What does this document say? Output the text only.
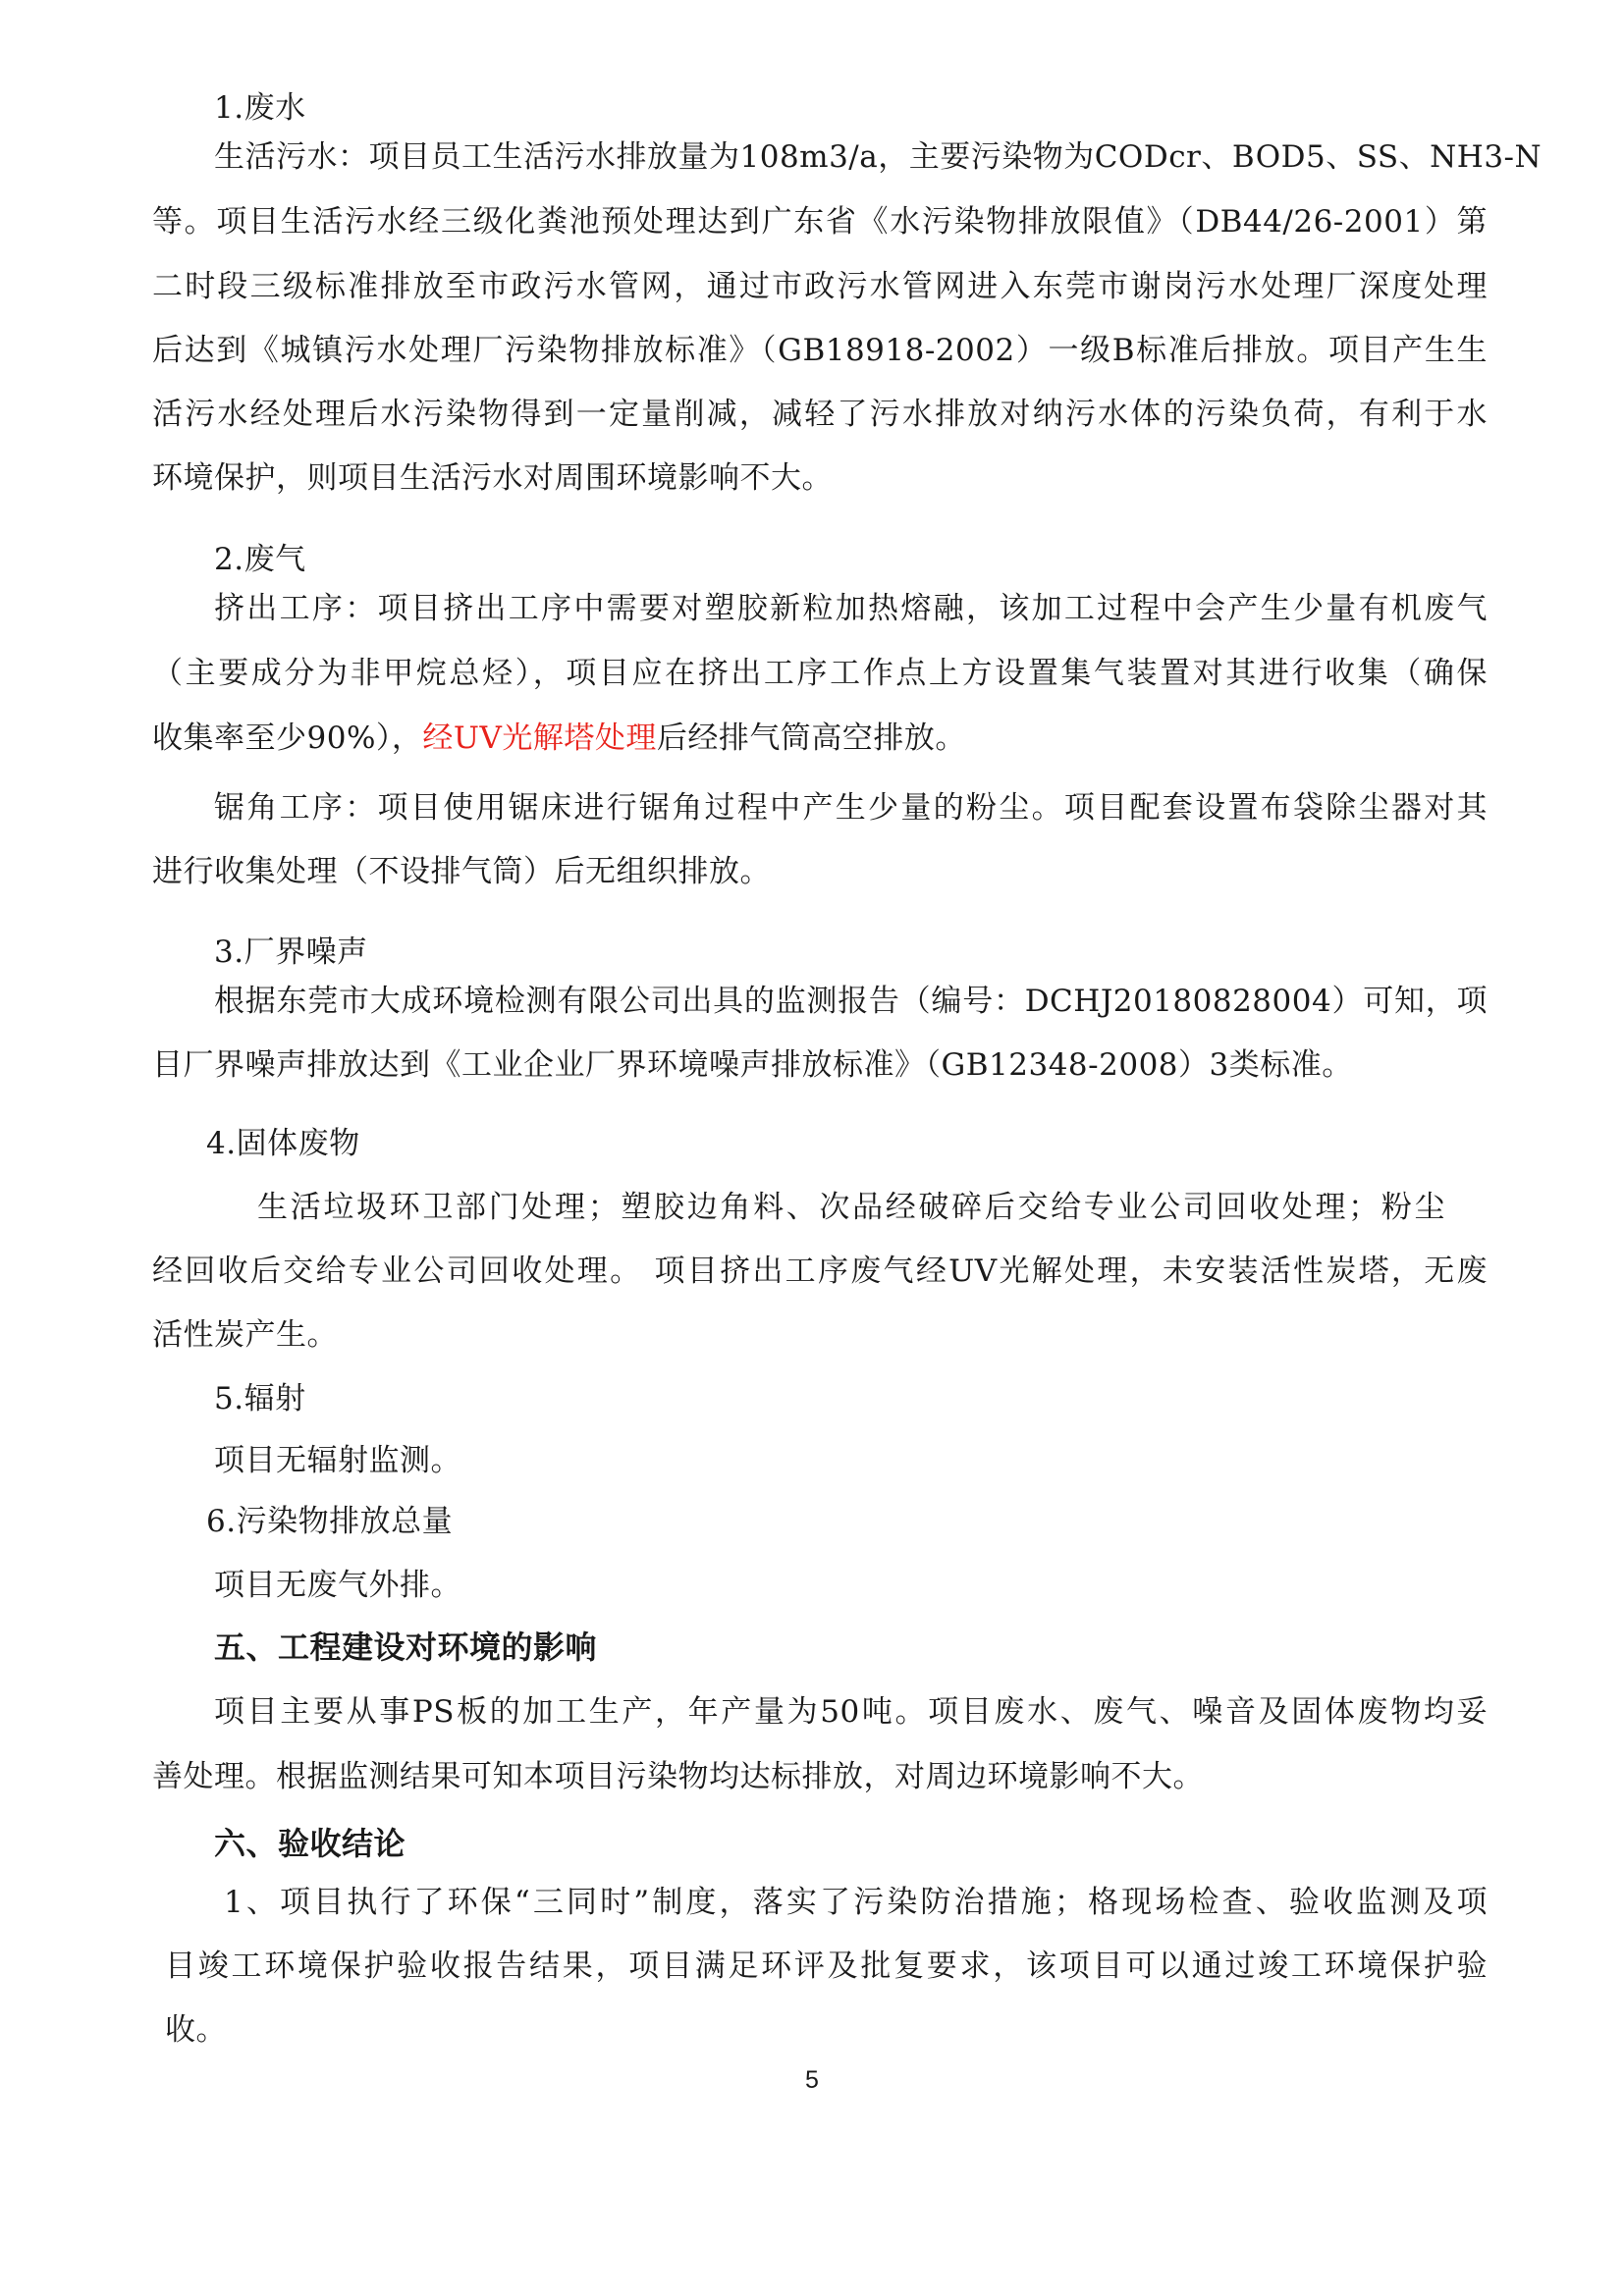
1.废水
生活污水：项目员工生活污水排放量为108m3/a，主要污染物为CODcr、BOD5、SS、NH3-N
等。项目生活污水经三级化粪池预处理达到广东省《水污染物排放限值》（DB44/26-2001）第
二时段三级标准排放至市政污水管网，通过市政污水管网进入东莞市谢岗污水处理厂深度处理
后达到《城镇污水处理厂污染物排放标准》（GB18918-2002）一级B标准后排放。项目产生生
活污水经处理后水污染物得到一定量削减，减轻了污水排放对纳污水体的污染负荷，有利于水
环境保护，则项目生活污水对周围环境影响不大。
2.废气
挤出工序：项目挤出工序中需要对塑胶新粒加热熔融，该加工过程中会产生少量有机废气
（主要成分为非甲烷总烃），项目应在挤出工序工作点上方设置集气装置对其进行收集（确保
收集率至少90%），经UV光解塔处理后经排气筒高空排放。
锯角工序：项目使用锯床进行锯角过程中产生少量的粉尘。项目配套设置布袋除尘器对其
进行收集处理（不设排气筒）后无组织排放。
3.厂界噪声
根据东莞市大成环境检测有限公司出具的监测报告（编号：DCHJ20180828004）可知，项
目厂界噪声排放达到《工业企业厂界环境噪声排放标准》（GB12348-2008）3类标准。
4.固体废物
生活垃圾环卫部门处理；塑胶边角料、次品经破碎后交给专业公司回收处理；粉尘
经回收后交给专业公司回收处理。 项目挤出工序废气经UV光解处理，未安装活性炭塔，无废
活性炭产生。
5.辐射
项目无辐射监测。
6.污染物排放总量
项目无废气外排。
五、工程建设对环境的影响
项目主要从事PS板的加工生产，年产量为50吨。项目废水、废气、噪音及固体废物均妥
善处理。根据监测结果可知本项目污染物均达标排放，对周边环境影响不大。
六、验收结论
1、项目执行了环保“三同时”制度，落实了污染防治措施；格现场检查、验收监测及项
目竣工环境保护验收报告结果，项目满足环评及批复要求，该项目可以通过竣工环境保护验
收。
5
